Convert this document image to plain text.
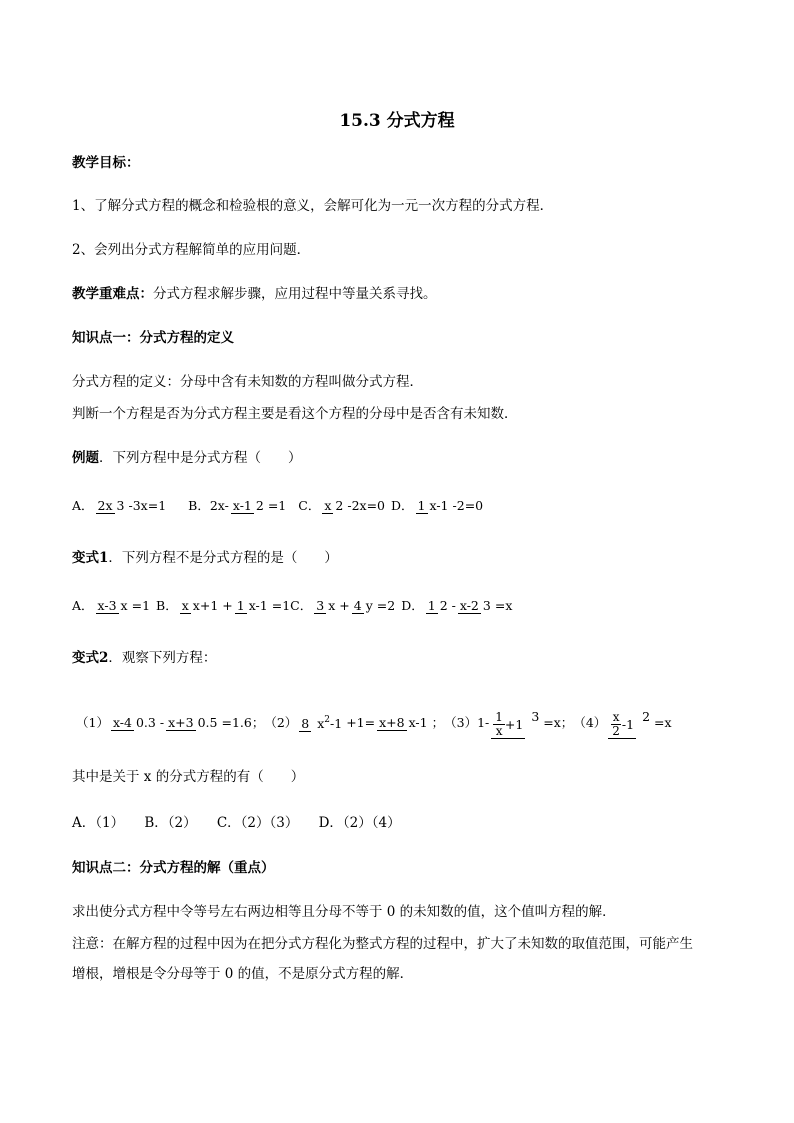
15.3 分式方程
教学目标：
1、了解分式方程的概念和检验根的意义，会解可化为一元一次方程的分式方程．
2、会列出分式方程解简单的应用问题．
教学重难点：分式方程求解步骤，应用过程中等量关系寻找。
知识点一：分式方程的定义
分式方程的定义：分母中含有未知数的方程叫做分式方程．
判断一个方程是否为分式方程主要是看这个方程的分母中是否含有未知数．
例题．下列方程中是分式方程（　　）
A． 2x 3 -3x=1 B． 2x- x-1 2 =1 C． x 2 -2x=0 D． 1 x-1 -2=0
变式1．下列方程不是分式方程的是（　　）
A． x-3 x =1 B． x x+1 + 1 x-1 =1 C． 3 x + 4 y =2 D． 1 2 - x-2 3 =x
变式2．观察下列方程：
（1） x-4 0.3 - x+3 0.5 =1.6； （2） 8 $x^2-1 +1= x+8$ x-1 ； （3） $1- \frac{1}{x} +1$
3 =x； $(4) \frac{x}{2} -1$
2 =x
其中是关于 x 的分式方程的有（　　）
A．（1）　　B．（2）　　C．（2）（3）　　D．（2）（4）
知识点二：分式方程的解（重点）
求出使分式方程中令等号左右两边相等且分母不等于 0 的未知数的值，这个值叫方程的解．
注意：在解方程的过程中因为在把分式方程化为整式方程的过程中，扩大了未知数的取值范围，可能产生
增根，增根是令分母等于 0 的值，不是原分式方程的解．
